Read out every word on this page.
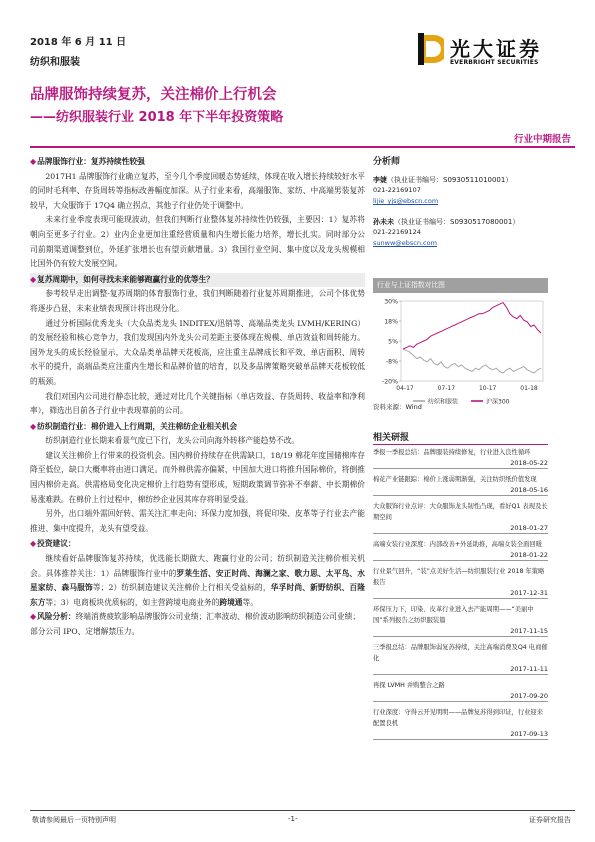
2018 年 6 月 11 日
纺织和服装
光大证券
EVERBRIGHT SECURITIES
品牌服饰持续复苏，关注棉价上行机会
——纺织服装行业 2018 年下半年投资策略
行业中期报告
◆品牌服饰行业：复苏持续性较强
2017H1 品牌服饰行业确立复苏，至今几个季度回暖态势延续，体现在收入增长持续较好水平的同时毛利率、存货周转等指标改善幅度加深。从子行业来看，高端服饰、家纺、中高端男装复苏较早，大众服饰于 17Q4 确立拐点，其他子行业仍处于调整中。
未来行业季度表现可能现波动，但我们判断行业整体复苏持续性仍较强，主要因：1）复苏将朝向至更多子行业。2）业内企业更加注重经营质量和内生增长能力培养，增长扎实。同时部分公司前期渠道调整到位，外延扩张增长也有望贡献增量。3）我国行业空间、集中度以及龙头规模相比国外仍有较大发展空间。
◆复苏周期中，如何寻找未来能够跑赢行业的优等生？
参考较早走出调整-复苏周期的体育服饰行业，我们判断随着行业复苏周期推进，公司个体优势将逐步凸显，未来业绩表现预计将出现分化。
通过分析国际优秀龙头（大众品类龙头 INDITEX/迅销等、高端品类龙头 LVMH/KERING）的发展经验和核心竞争力，我们发现国内外龙头公司差距主要体现在规模、单店效益和周转能力。国外龙头的成长经验显示，大众品类单品牌天花板高，应注重主品牌成长和平效、单店面积、周转水平的提升，高端品类应注重内生增长和品牌价值的培育，以及多品牌策略突破单品牌天花板较低的瓶颈。
我们对国内公司进行静态比较，通过对比几个关键指标（单店效益、存货周转、收益率和净利率），筛选出目前各子行业中表现靠前的公司。
◆纺织制造行业：棉价进入上行周期，关注棉纺企业相关机会
纺织制造行业长期来看景气度已下行，龙头公司向海外转移产能趋势不改。
建议关注棉价上行带来的投资机会。国内棉价持续存在供需缺口，18/19 棉花年度国储棉库存降至低位，缺口大概率将由进口满足。而外棉供需亦偏紧，中国加大进口将推升国际棉价，将倒推国内棉价走高。供需格局变化决定棉价上行趋势有望形成，短期政策调节弥补不奉薪、中长期棉价易涨难跌。在棉价上行过程中，棉纺纱企业因其库存将明显受益。
另外，出口端外需回好转、需关注汇率走向；环保力度加强，将促印染、皮革等子行业去产能推进、集中度提升，龙头有望受益。
◆投资建议：
继续看好品牌服饰复苏持续，优选能长期做大、跑赢行业的公司；纺织制造关注棉价相关机会。具体推荐关注：1）品牌服饰行业中的罗莱生活、安正时尚、海澜之家、歌力思、太平鸟、水星家纺、森马服饰等；2）纺织制造建议关注棉价上行相关受益标的，华孚时尚、新野纺织、百隆东方等；3）电商板块优质标的，如主营跨境电商业务的跨境通等。
◆风险分析：终端消费疲软影响品牌服饰公司业绩；汇率波动、棉价波动影响纺织制造公司业绩；部分公司 IPO、定增解禁压力。
分析师
李婕（执业证书编号：S0930511010001）
021-22169107
lijie_yjs@ebscn.com
孙未未（执业证书编号：S0930517080001）
021-22169124
sunww@ebscn.com
行业与上证指数对比图
30%
18%
5%
-8%
-20%
04-17	07-17	10-17	01-18
纺织和服装	沪深300
资料来源：Wind
相关研报
季报一季报总结：品牌服装持续修复，行业进入良性循环
2018-05-22
棉花产业链跟踪：棉价上涨弱期渐强，关注纺织纸价值发现
2018-05-16
大众服饰行业点评：大众服饰龙头韧性凸现，看好Q1 表现及长期空间
2018-01-27
高端女装行业深度：内部改善+外延助推，高端女装全面回暖
2018-01-22
行业景气回升，“装”点美好生活—纺织服装行业 2018 年策略报告
2017-12-31
环保压力下，印染、皮革行业进入去产能周期——“美丽中国”系列报告之纺织服装篇
2017-11-15
三季报总结：品牌服饰弱复苏持续，关注高端消费及Q4 电商催化
2017-11-11
再探 LVMH 并购整合之路
2017-09-20
行业深度：守得云开见明明——品牌复苏得到印证，行业迎来配置良机
2017-09-13
敬请参阅最后一页特别声明	-1-	证券研究报告
